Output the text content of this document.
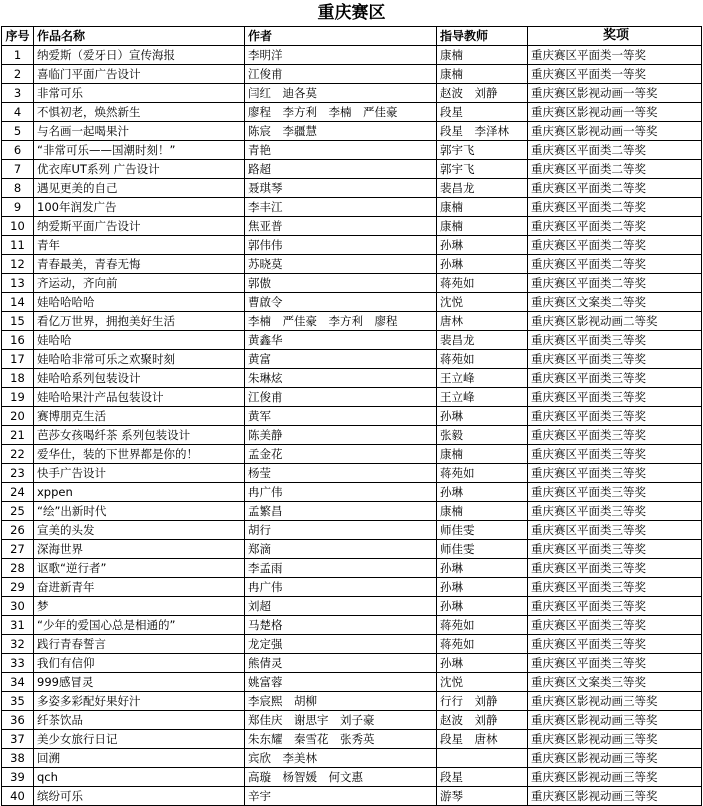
重庆赛区
序号	作品名称	作者	指导教师	奖项
1	纳爱斯（爱牙日）宣传海报	李明洋	康楠	重庆赛区平面类一等奖
2	喜临门平面广告设计	江俊甫	康楠	重庆赛区平面类一等奖
3	非常可乐	闫红　迪各莫	赵波　刘静	重庆赛区影视动画一等奖
4	不惧初老，焕然新生	廖程　李方利　李楠　严佳豪	段星	重庆赛区影视动画一等奖
5	与名画一起喝果汁	陈宸　李疆慧	段星　李泽林	重庆赛区影视动画一等奖
6	“非常可乐——国潮时刻！”	青艳	郭宇飞	重庆赛区平面类二等奖
7	优衣库UT系列 广告设计	路超	郭宇飞	重庆赛区平面类二等奖
8	遇见更美的自己	聂琪琴	裴昌龙	重庆赛区平面类二等奖
9	100年润发广告	李丰江	康楠	重庆赛区平面类二等奖
10	纳爱斯平面广告设计	焦亚普	康楠	重庆赛区平面类二等奖
11	青年	郭伟伟	孙琳	重庆赛区平面类二等奖
12	青春最美，青春无悔	苏晓莫	孙琳	重庆赛区平面类二等奖
13	齐运动，齐向前	郭傲	蒋苑如	重庆赛区平面类二等奖
14	娃哈哈哈哈	曹啟令	沈悦	重庆赛区文案类二等奖
15	看亿万世界，拥抱美好生活	李楠　严佳豪　李方利　廖程	唐林	重庆赛区影视动画二等奖
16	娃哈哈	黄鑫华	裴昌龙	重庆赛区平面类三等奖
17	娃哈哈非常可乐之欢聚时刻	黄富	蒋苑如	重庆赛区平面类三等奖
18	娃哈哈系列包装设计	朱琳炫	王立峰	重庆赛区平面类三等奖
19	娃哈哈果汁产品包装设计	江俊甫	王立峰	重庆赛区平面类三等奖
20	赛博朋克生活	黄军	孙琳	重庆赛区平面类三等奖
21	芭莎女孩喝纤茶 系列包装设计	陈美静	张毅	重庆赛区平面类三等奖
22	爱华仕，装的下世界都是你的！	孟金花	康楠	重庆赛区平面类三等奖
23	快手广告设计	杨莹	蒋苑如	重庆赛区平面类三等奖
24	xppen	冉广伟	孙琳	重庆赛区平面类三等奖
25	“绘”出新时代	孟繁昌	康楠	重庆赛区平面类三等奖
26	宣美的头发	胡行	师佳雯	重庆赛区平面类三等奖
27	深海世界	郑滴	师佳雯	重庆赛区平面类三等奖
28	讴歌“逆行者”	李孟雨	孙琳	重庆赛区平面类三等奖
29	奋进新青年	冉广伟	孙琳	重庆赛区平面类三等奖
30	梦	刘超	孙琳	重庆赛区平面类三等奖
31	“少年的爱国心总是相通的”	马楚格	蒋苑如	重庆赛区平面类三等奖
32	践行青春誓言	龙定强	蒋苑如	重庆赛区平面类三等奖
33	我们有信仰	熊倩灵	孙琳	重庆赛区平面类三等奖
34	999感冒灵	姚富蓉	沈悦	重庆赛区文案类三等奖
35	多姿多彩配好果好汁	李宸熙　胡柳	行行　刘静	重庆赛区影视动画三等奖
36	纤茶饮品	郑佳庆　谢思宇　刘子豪	赵波　刘静	重庆赛区影视动画三等奖
37	美少女旅行日记	朱东耀　秦雪花　张秀英	段星　唐林	重庆赛区影视动画三等奖
38	回溯	宾欣　李美林		重庆赛区影视动画三等奖
39	qch	高璇　杨智媛　何文惠	段星	重庆赛区影视动画三等奖
40	缤纷可乐	辛宇	游琴	重庆赛区影视动画三等奖
